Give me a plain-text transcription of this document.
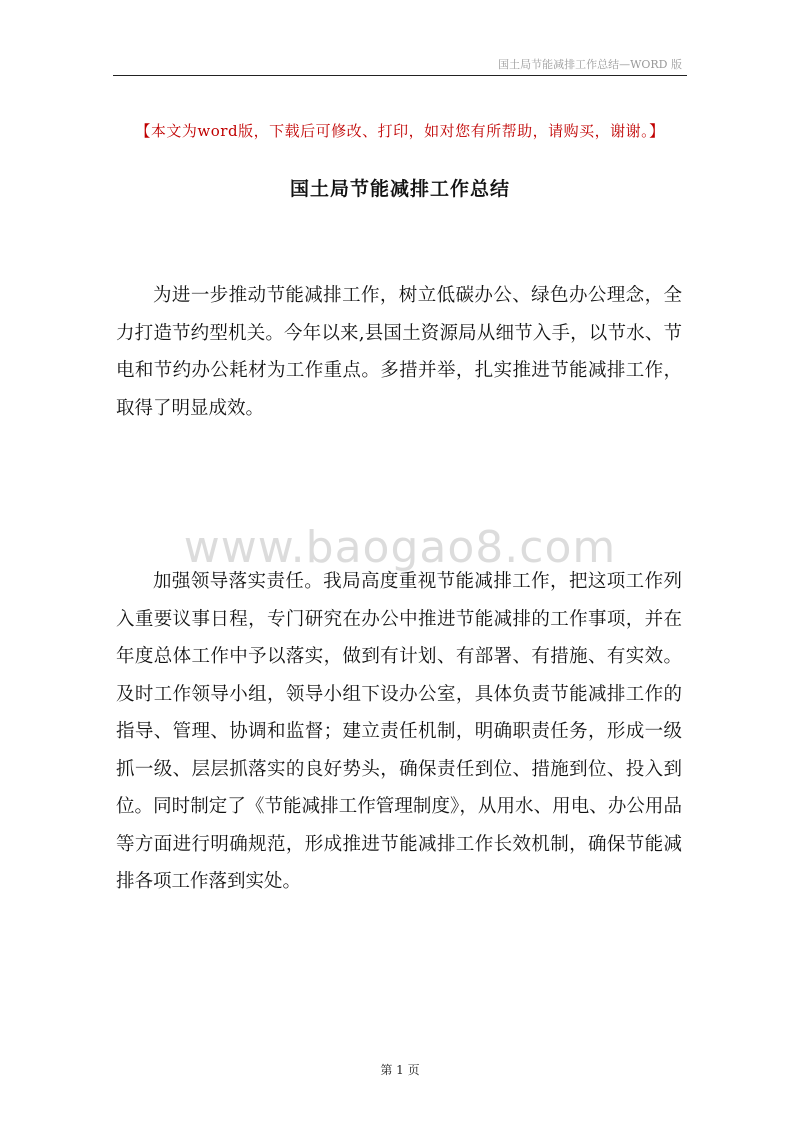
国土局节能减排工作总结—WORD 版
【本文为word版，下载后可修改、打印，如对您有所帮助，请购买，谢谢。】
国土局节能减排工作总结

为进一步推动节能减排工作，树立低碳办公、绿色办公理念，全力打造节约型机关。今年以来,县国土资源局从细节入手，以节水、节电和节约办公耗材为工作重点。多措并举，扎实推进节能减排工作，取得了明显成效。

www.baogao8.com

加强领导落实责任。我局高度重视节能减排工作，把这项工作列入重要议事日程，专门研究在办公中推进节能减排的工作事项，并在年度总体工作中予以落实，做到有计划、有部署、有措施、有实效。及时工作领导小组，领导小组下设办公室，具体负责节能减排工作的指导、管理、协调和监督；建立责任机制，明确职责任务，形成一级抓一级、层层抓落实的良好势头，确保责任到位、措施到位、投入到位。同时制定了《节能减排工作管理制度》，从用水、用电、办公用品等方面进行明确规范，形成推进节能减排工作长效机制，确保节能减排各项工作落到实处。

第 1 页
